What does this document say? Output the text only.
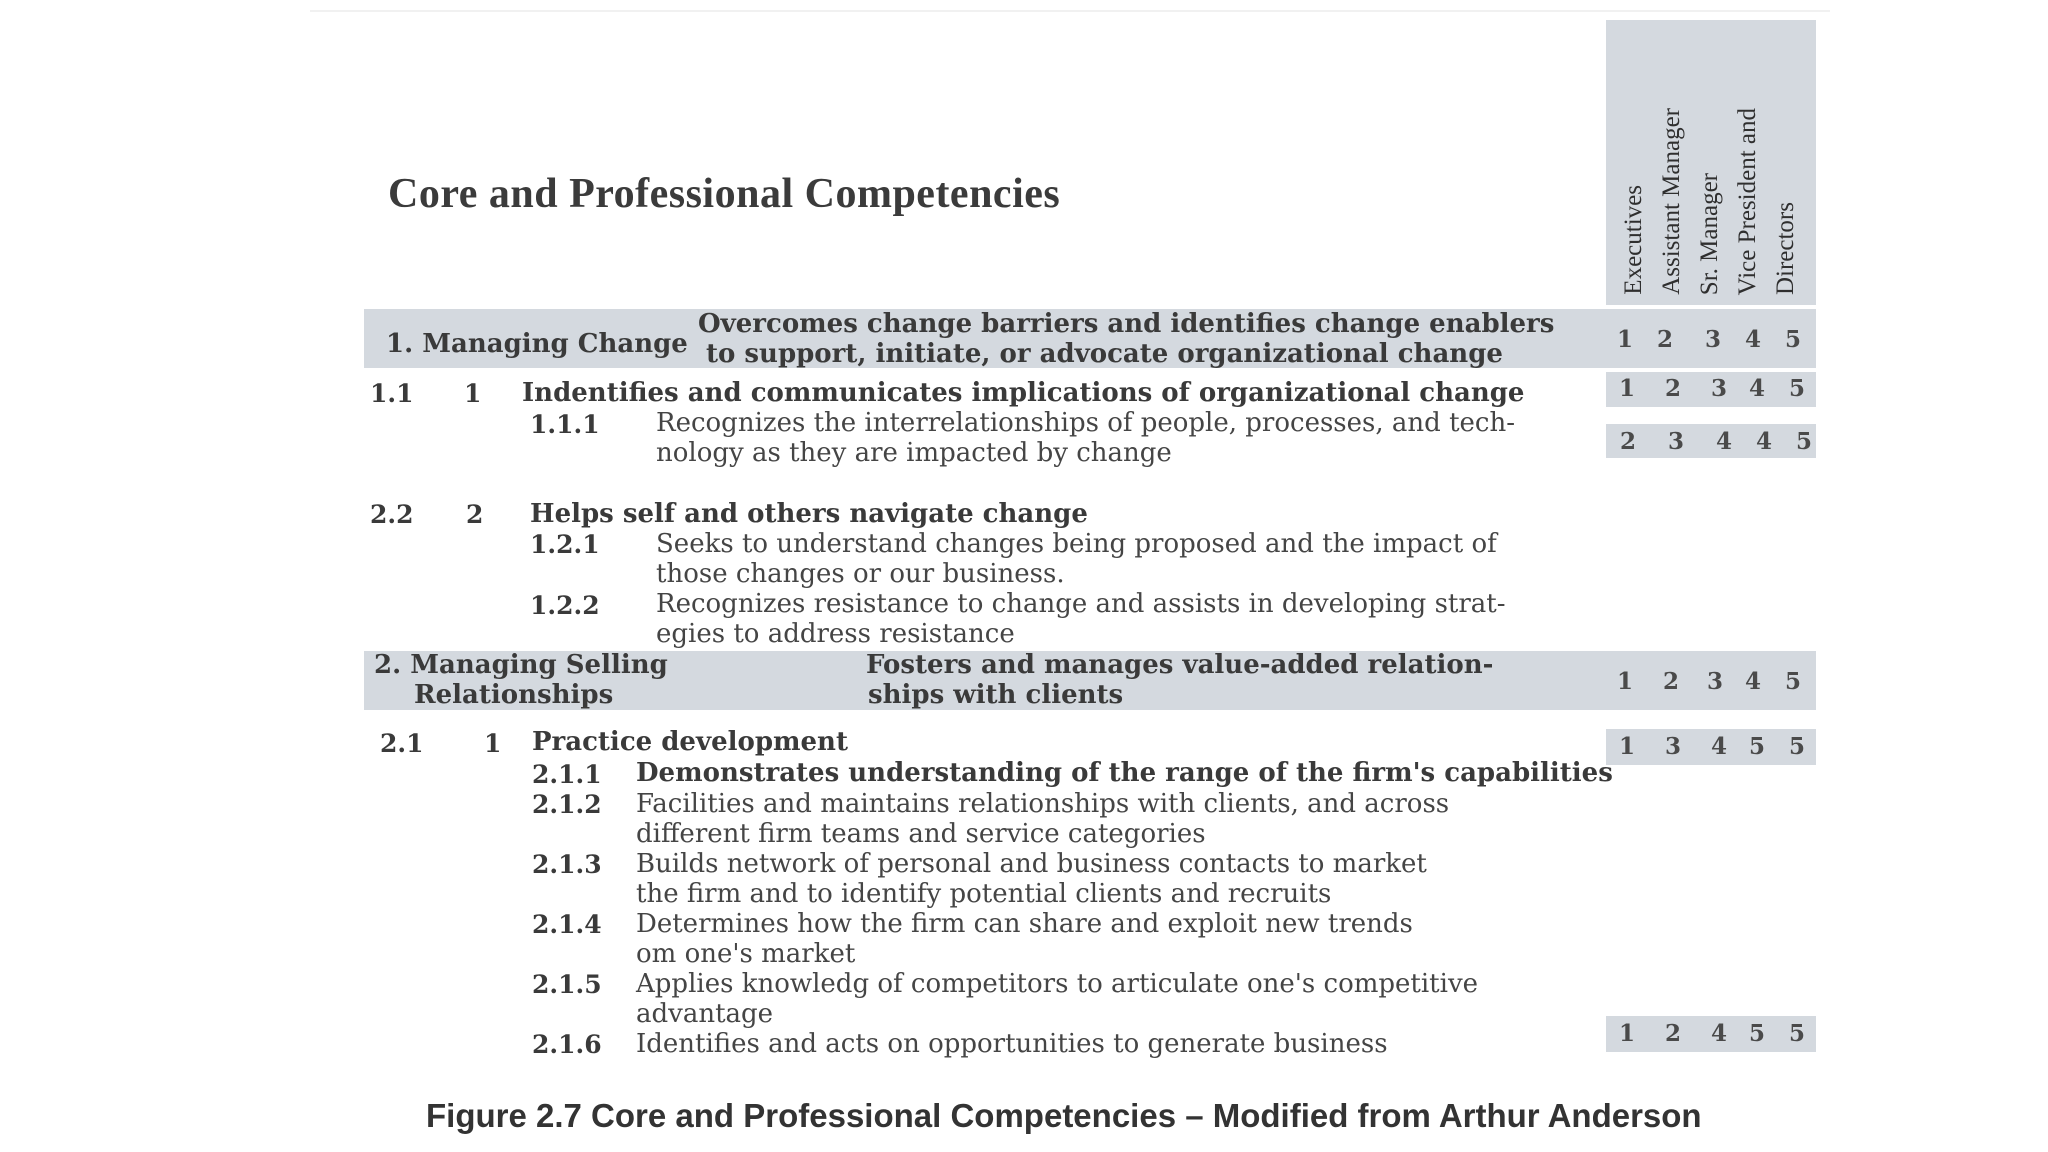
Core and Professional Competencies	Executives Assistant Manager Sr. Manager Vice President and Directors
1. Managing Change
Overcomes change barriers and identifies change enablers
to support, initiate, or advocate organizational change	1 2 3 4 5
1.1 1 Indentifies and communicates implications of organizational change	1 2 3 4 5
1.1.1 Recognizes the interrelationships of people, processes, and tech-
nology as they are impacted by change	2 3 4 4 5
2.2 2 Helps self and others navigate change
1.2.1 Seeks to understand changes being proposed and the impact of
those changes or our business.
1.2.2 Recognizes resistance to change and assists in developing strat-
egies to address resistance
2. Managing Selling
Relationships
Fosters and manages value-added relation-
ships with clients	1 2 3 4 5
2.1 1 Practice development	1 3 4 5 5
2.1.1 Demonstrates understanding of the range of the firm's capabilities
2.1.2 Facilities and maintains relationships with clients, and across
different firm teams and service categories
2.1.3 Builds network of personal and business contacts to market
the firm and to identify potential clients and recruits
2.1.4 Determines how the firm can share and exploit new trends
om one's market
2.1.5 Applies knowledg of competitors to articulate one's competitive
advantage
2.1.6 Identifies and acts on opportunities to generate business	1 2 4 5 5
Figure 2.7 Core and Professional Competencies – Modified from Arthur Anderson
